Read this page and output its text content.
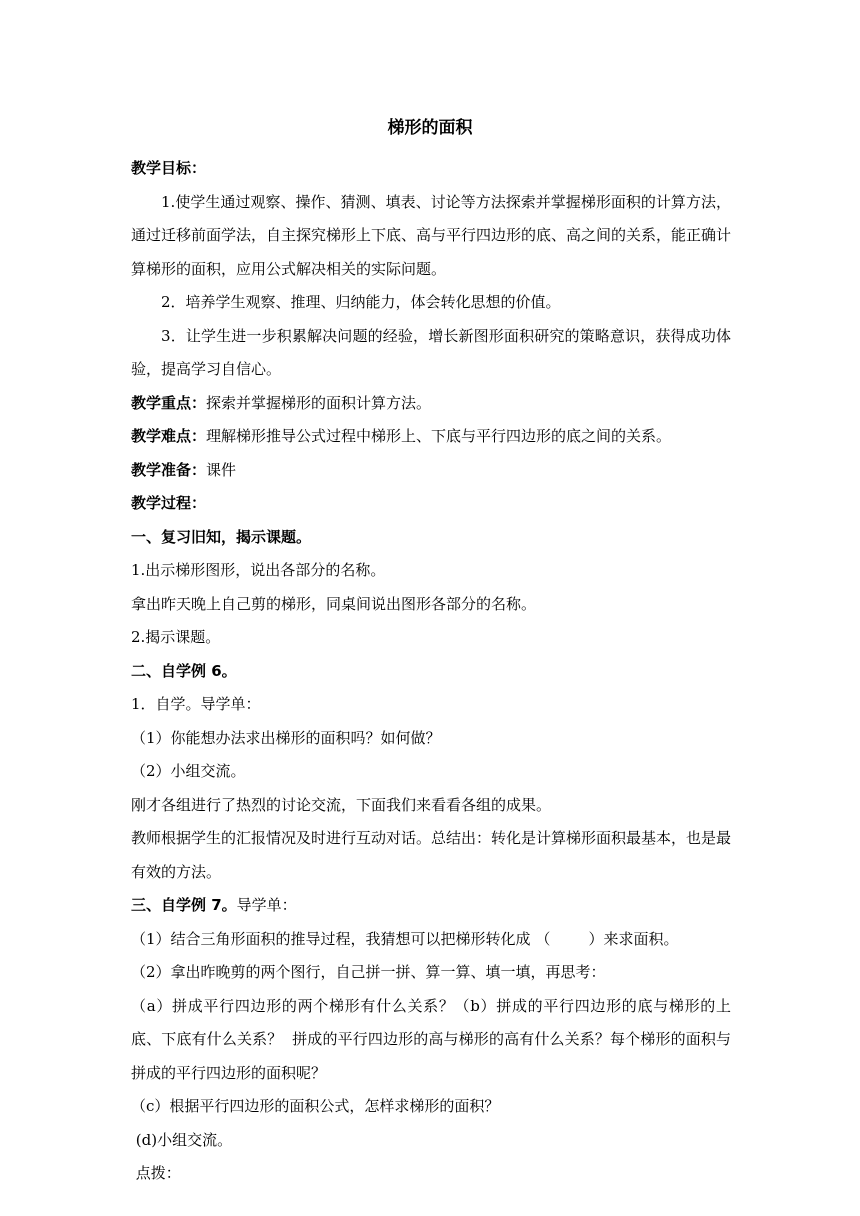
梯形的面积

教学目标：

1.使学生通过观察、操作、猜测、填表、讨论等方法探索并掌握梯形面积的计算方法，通过迁移前面学法，自主探究梯形上下底、高与平行四边形的底、高之间的关系，能正确计算梯形的面积，应用公式解决相关的实际问题。

2．培养学生观察、推理、归纳能力，体会转化思想的价值。

3．让学生进一步积累解决问题的经验，增长新图形面积研究的策略意识，获得成功体验，提高学习自信心。

教学重点：探索并掌握梯形的面积计算方法。

教学难点：理解梯形推导公式过程中梯形上、下底与平行四边形的底之间的关系。

教学准备：课件

教学过程：

一、复习旧知，揭示课题。

1.出示梯形图形，说出各部分的名称。

拿出昨天晚上自己剪的梯形，同桌间说出图形各部分的名称。

2.揭示课题。

二、自学例 6。

1．自学。导学单：

（1）你能想办法求出梯形的面积吗？如何做？

（2）小组交流。

刚才各组进行了热烈的讨论交流，下面我们来看看各组的成果。

教师根据学生的汇报情况及时进行互动对话。总结出：转化是计算梯形面积最基本，也是最有效的方法。

三、自学例 7。导学单：

（1）结合三角形面积的推导过程，我猜想可以把梯形转化成 （        ）来求面积。

（2）拿出昨晚剪的两个图行，自己拼一拼、算一算、填一填，再思考：

（a）拼成平行四边形的两个梯形有什么关系？（b）拼成的平行四边形的底与梯形的上底、下底有什么关系？  拼成的平行四边形的高与梯形的高有什么关系？每个梯形的面积与拼成的平行四边形的面积呢？

（c）根据平行四边形的面积公式，怎样求梯形的面积？

(d)小组交流。

点拨：
